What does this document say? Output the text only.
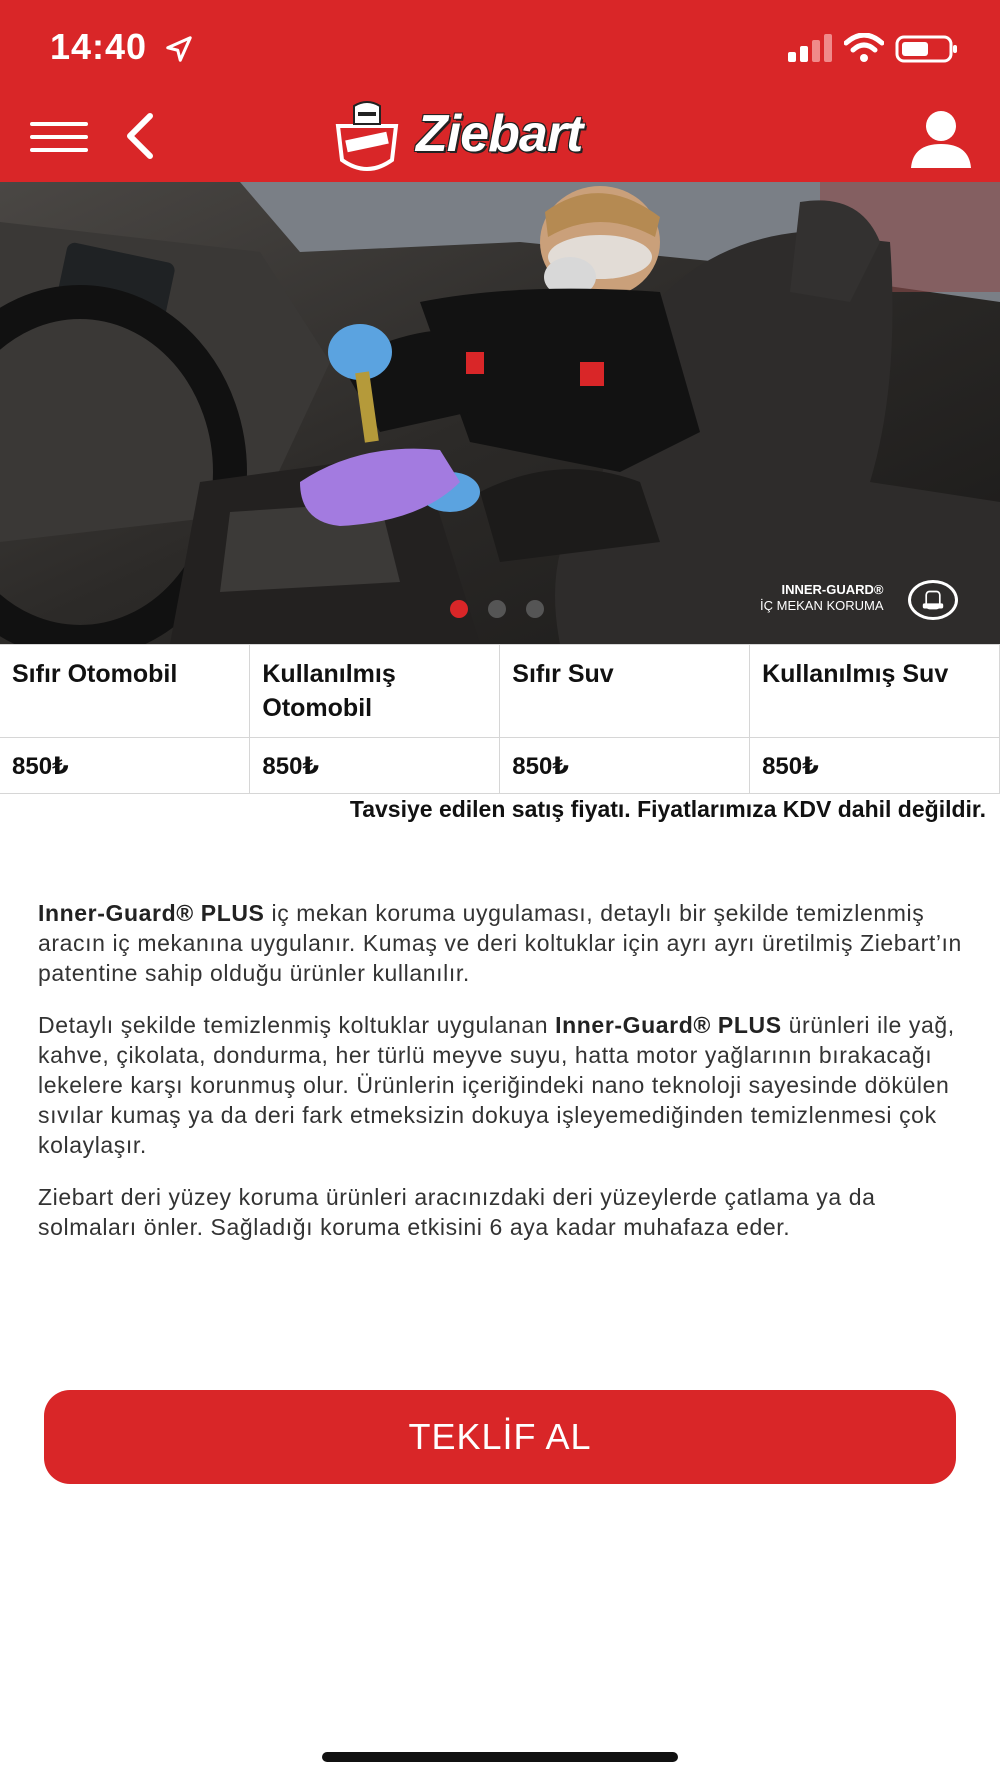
14:40
Ziebart
INNER-GUARD®
İÇ MEKAN KORUMA
Sıfır Otomobil	Kullanılmış Otomobil	Sıfır Suv	Kullanılmış Suv
850₺	850₺	850₺	850₺
Tavsiye edilen satış fiyatı. Fiyatlarımıza KDV dahil değildir.

Inner-Guard® PLUS iç mekan koruma uygulaması, detaylı bir şekilde temizlenmiş aracın iç mekanına uygulanır. Kumaş ve deri koltuklar için ayrı ayrı üretilmiş Ziebart’ın patentine sahip olduğu ürünler kullanılır.

Detaylı şekilde temizlenmiş koltuklar uygulanan Inner-Guard® PLUS ürünleri ile yağ, kahve, çikolata, dondurma, her türlü meyve suyu, hatta motor yağlarının bırakacağı lekelere karşı korunmuş olur. Ürünlerin içeriğindeki nano teknoloji sayesinde dökülen sıvılar kumaş ya da deri fark etmeksizin dokuya işleyemediğinden temizlenmesi çok kolaylaşır.

Ziebart deri yüzey koruma ürünleri aracınızdaki deri yüzeylerde çatlama ya da solmaları önler. Sağladığı koruma etkisini 6 aya kadar muhafaza eder.

TEKLİF AL
